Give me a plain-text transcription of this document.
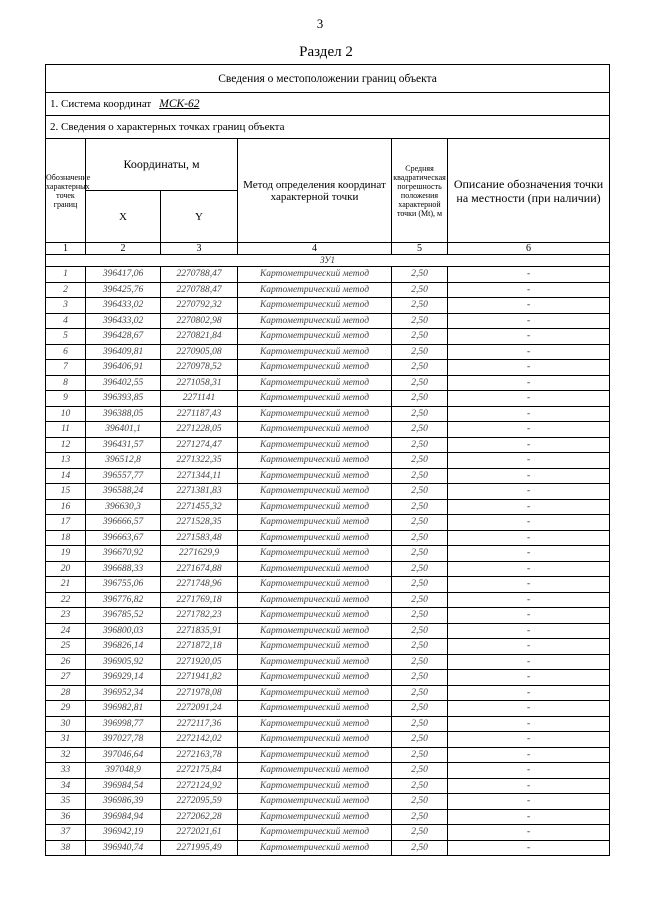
3
Раздел 2
Сведения о местоположении границ объекта					
1. Система координат МСК-62					
2. Сведения о характерных точках границ объекта					
Обозначение характерных точек границ	Координаты, м		Метод определения координат характерной точки	Средняя квадратическая погрешность положения характерной точки (Mt), м	Описание обозначения точки на местности (при наличии)
	X	Y			
1	2	3	4	5	6
ЗУ1					
1	396417,06	2270788,47	Картометрический метод	2,50	-
2	396425,76	2270788,47	Картометрический метод	2,50	-
3	396433,02	2270792,32	Картометрический метод	2,50	-
4	396433,02	2270802,98	Картометрический метод	2,50	-
5	396428,67	2270821,84	Картометрический метод	2,50	-
6	396409,81	2270905,08	Картометрический метод	2,50	-
7	396406,91	2270978,52	Картометрический метод	2,50	-
8	396402,55	2271058,31	Картометрический метод	2,50	-
9	396393,85	2271141	Картометрический метод	2,50	-
10	396388,05	2271187,43	Картометрический метод	2,50	-
11	396401,1	2271228,05	Картометрический метод	2,50	-
12	396431,57	2271274,47	Картометрический метод	2,50	-
13	396512,8	2271322,35	Картометрический метод	2,50	-
14	396557,77	2271344,11	Картометрический метод	2,50	-
15	396588,24	2271381,83	Картометрический метод	2,50	-
16	396630,3	2271455,32	Картометрический метод	2,50	-
17	396666,57	2271528,35	Картометрический метод	2,50	-
18	396663,67	2271583,48	Картометрический метод	2,50	-
19	396670,92	2271629,9	Картометрический метод	2,50	-
20	396688,33	2271674,88	Картометрический метод	2,50	-
21	396755,06	2271748,96	Картометрический метод	2,50	-
22	396776,82	2271769,18	Картометрический метод	2,50	-
23	396785,52	2271782,23	Картометрический метод	2,50	-
24	396800,03	2271835,91	Картометрический метод	2,50	-
25	396826,14	2271872,18	Картометрический метод	2,50	-
26	396905,92	2271920,05	Картометрический метод	2,50	-
27	396929,14	2271941,82	Картометрический метод	2,50	-
28	396952,34	2271978,08	Картометрический метод	2,50	-
29	396982,81	2272091,24	Картометрический метод	2,50	-
30	396998,77	2272117,36	Картометрический метод	2,50	-
31	397027,78	2272142,02	Картометрический метод	2,50	-
32	397046,64	2272163,78	Картометрический метод	2,50	-
33	397048,9	2272175,84	Картометрический метод	2,50	-
34	396984,54	2272124,92	Картометрический метод	2,50	-
35	396986,39	2272095,59	Картометрический метод	2,50	-
36	396984,94	2272062,28	Картометрический метод	2,50	-
37	396942,19	2272021,61	Картометрический метод	2,50	-
38	396940,74	2271995,49	Картометрический метод	2,50	-
